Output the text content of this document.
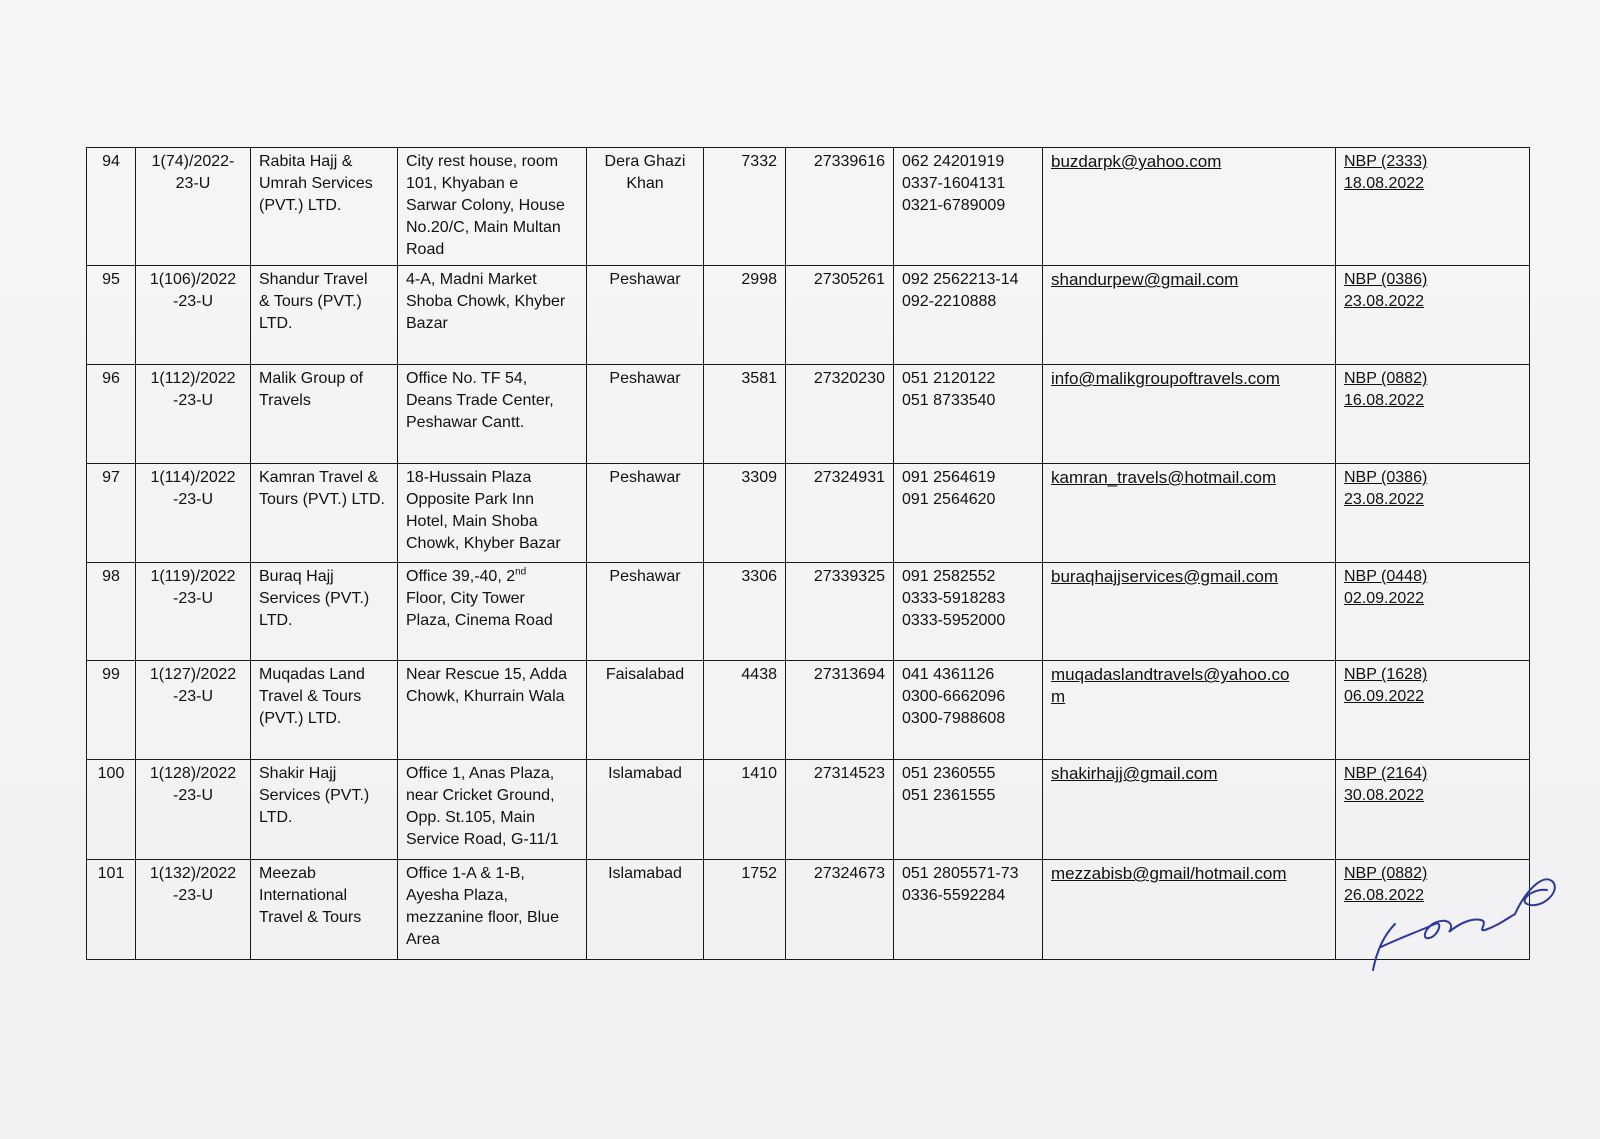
94	1(74)/2022-
23-U	Rabita Hajj &
Umrah Services
(PVT.) LTD.	City rest house, room
101, Khyaban e
Sarwar Colony, House
No.20/C, Main Multan
Road	Dera Ghazi
Khan	7332	27339616	062 24201919
0337-1604131
0321-6789009	buzdarpk@yahoo.com	NBP (2333)
18.08.2022

95	1(106)/2022
-23-U	Shandur Travel
& Tours (PVT.)
LTD.	4-A, Madni Market
Shoba Chowk, Khyber
Bazar	Peshawar	2998	27305261	092 2562213-14
092-2210888	shandurpew@gmail.com	NBP (0386)
23.08.2022

96	1(112)/2022
-23-U	Malik Group of
Travels	Office No. TF 54,
Deans Trade Center,
Peshawar Cantt.	Peshawar	3581	27320230	051 2120122
051 8733540	info@malikgroupoftravels.com	NBP (0882)
16.08.2022

97	1(114)/2022
-23-U	Kamran Travel &
Tours (PVT.) LTD.	18-Hussain Plaza
Opposite Park Inn
Hotel, Main Shoba
Chowk, Khyber Bazar	Peshawar	3309	27324931	091 2564619
091 2564620	kamran_travels@hotmail.com	NBP (0386)
23.08.2022

98	1(119)/2022
-23-U	Buraq Hajj
Services (PVT.)
LTD.	Office 39,-40, 2nd
Floor, City Tower
Plaza, Cinema Road	Peshawar	3306	27339325	091 2582552
0333-5918283
0333-5952000	buraqhajjservices@gmail.com	NBP (0448)
02.09.2022

99	1(127)/2022
-23-U	Muqadas Land
Travel & Tours
(PVT.) LTD.	Near Rescue 15, Adda
Chowk, Khurrain Wala	Faisalabad	4438	27313694	041 4361126
0300-6662096
0300-7988608	muqadaslandtravels@yahoo.co
m	NBP (1628)
06.09.2022

100	1(128)/2022
-23-U	Shakir Hajj
Services (PVT.)
LTD.	Office 1, Anas Plaza,
near Cricket Ground,
Opp. St.105, Main
Service Road, G-11/1	Islamabad	1410	27314523	051 2360555
051 2361555	shakirhajj@gmail.com	NBP (2164)
30.08.2022

101	1(132)/2022
-23-U	Meezab
International
Travel & Tours	Office 1-A & 1-B,
Ayesha Plaza,
mezzanine floor, Blue
Area	Islamabad	1752	27324673	051 2805571-73
0336-5592284	mezzabisb@gmail/hotmail.com	NBP (0882)
26.08.2022
